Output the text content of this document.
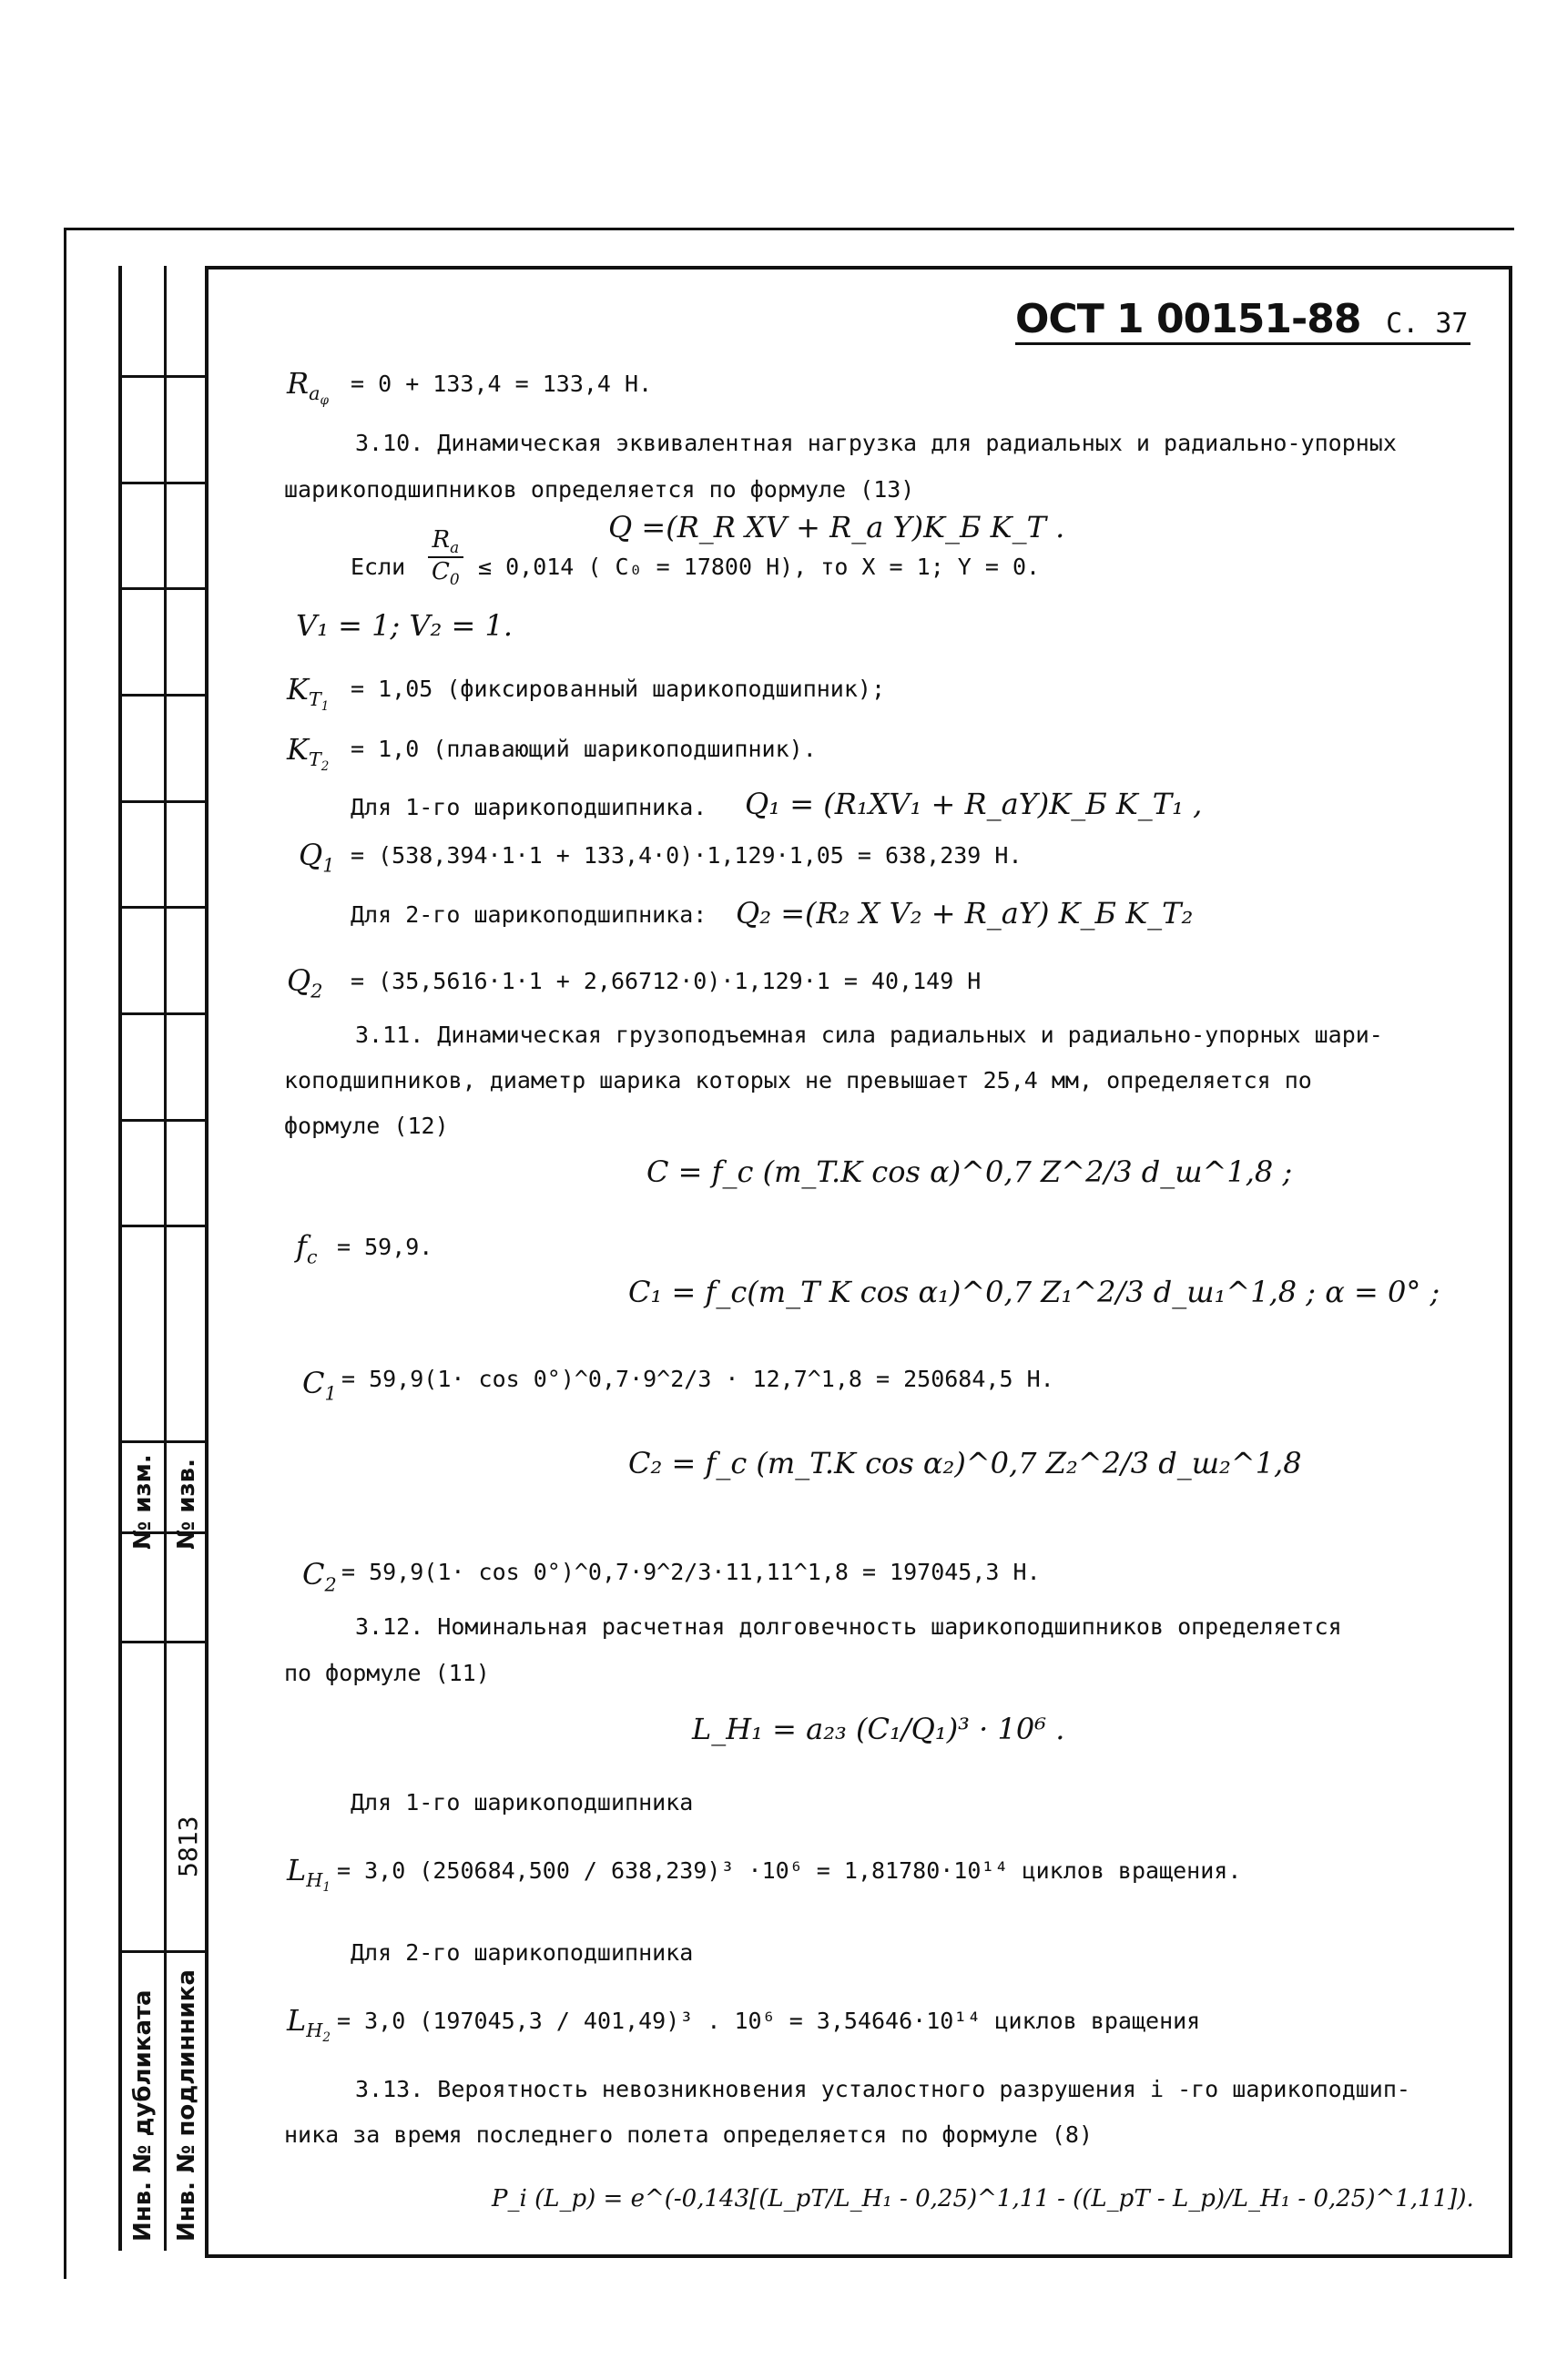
№ изм. № изв.
5813
Инв. № дубликата Инв. № подлинника
ОСТ 1 00151-88 С. 37
$R_{a_\varphi}$
= 0 + 133,4 = 133,4 Н.
3.10. Динамическая эквивалентная нагрузка для радиальных и радиально-упорных
шарикоподшипников определяется по формуле (13)
Q =(R_R XV + R_a Y)K_Б K_T .
Если $\frac{R_a}{C_0} \le 0,014$ ( C₀ = 17800 Н), то X = 1; Y = 0.
V₁ = 1; V₂ = 1.
$K_{T_1}$
= 1,05 (фиксированный шарикоподшипник);
$K_{T_2}$
= 1,0 (плавающий шарикоподшипник).
Для 1-го шарикоподшипника. Q₁ = (R₁XV₁ + R_aY)K_Б K_T₁ ,
$Q_1 = (538,394\cdot 1\cdot 1 + 133,4\cdot 0)\cdot 1,129\cdot 1,05 = 638,239$ Н.
Для 2-го шарикоподшипника: Q₂ =(R₂ X V₂ + R_aY) K_Б K_T₂
$Q_2 = (35,5616\cdot 1\cdot 1 + 2,66712\cdot 0)\cdot 1,129\cdot 1 = 40,149$ Н
3.11. Динамическая грузоподъемная сила радиальных и радиально-упорных шари-
коподшипников, диаметр шарика которых не превышает 25,4 мм, определяется по
формуле (12)
C = f_c (m_T.K cos α)^0,7 Z^2/3 d_ш^1,8 ;
$f_c = 59,9$.
C₁ = f_c(m_T K cos α₁)^0,7 Z₁^2/3 d_ш₁^1,8 ; α = 0° ;
$C_1$
= 59,9(1· cos 0°)^0,7·9^2/3 · 12,7^1,8 = 250684,5 Н.
C₂ = f_c (m_T.K cos α₂)^0,7 Z₂^2/3 d_ш₂^1,8
$C_2 = 59,9(1\cdot \cos$ 0°)^0,7·9^2/3·11,11^1,8 = 197045,3 Н.
3.12. Номинальная расчетная долговечность шарикоподшипников определяется
по формуле (11)
L_H₁ = a₂₃ (C₁/Q₁)³ · 10⁶ .
Для 1-го шарикоподшипника
$L_{H_1}$
= 3,0 (250684,500 / 638,239)³ ·10⁶ = 1,81780·10¹⁴ циклов вращения.
Для 2-го шарикоподшипника
$L_{H_2}$
= 3,0 (197045,3 / 401,49)³ . 10⁶ = 3,54646·10¹⁴ циклов вращения
3.13. Вероятность невозникновения усталостного разрушения i -го шарикоподшип-
ника за время последнего полета определяется по формуле (8)
P_i (L_p) = e^(-0,143[(L_pT/L_H₁ - 0,25)^1,11 - ((L_pT - L_p)/L_H₁ - 0,25)^1,11]).
